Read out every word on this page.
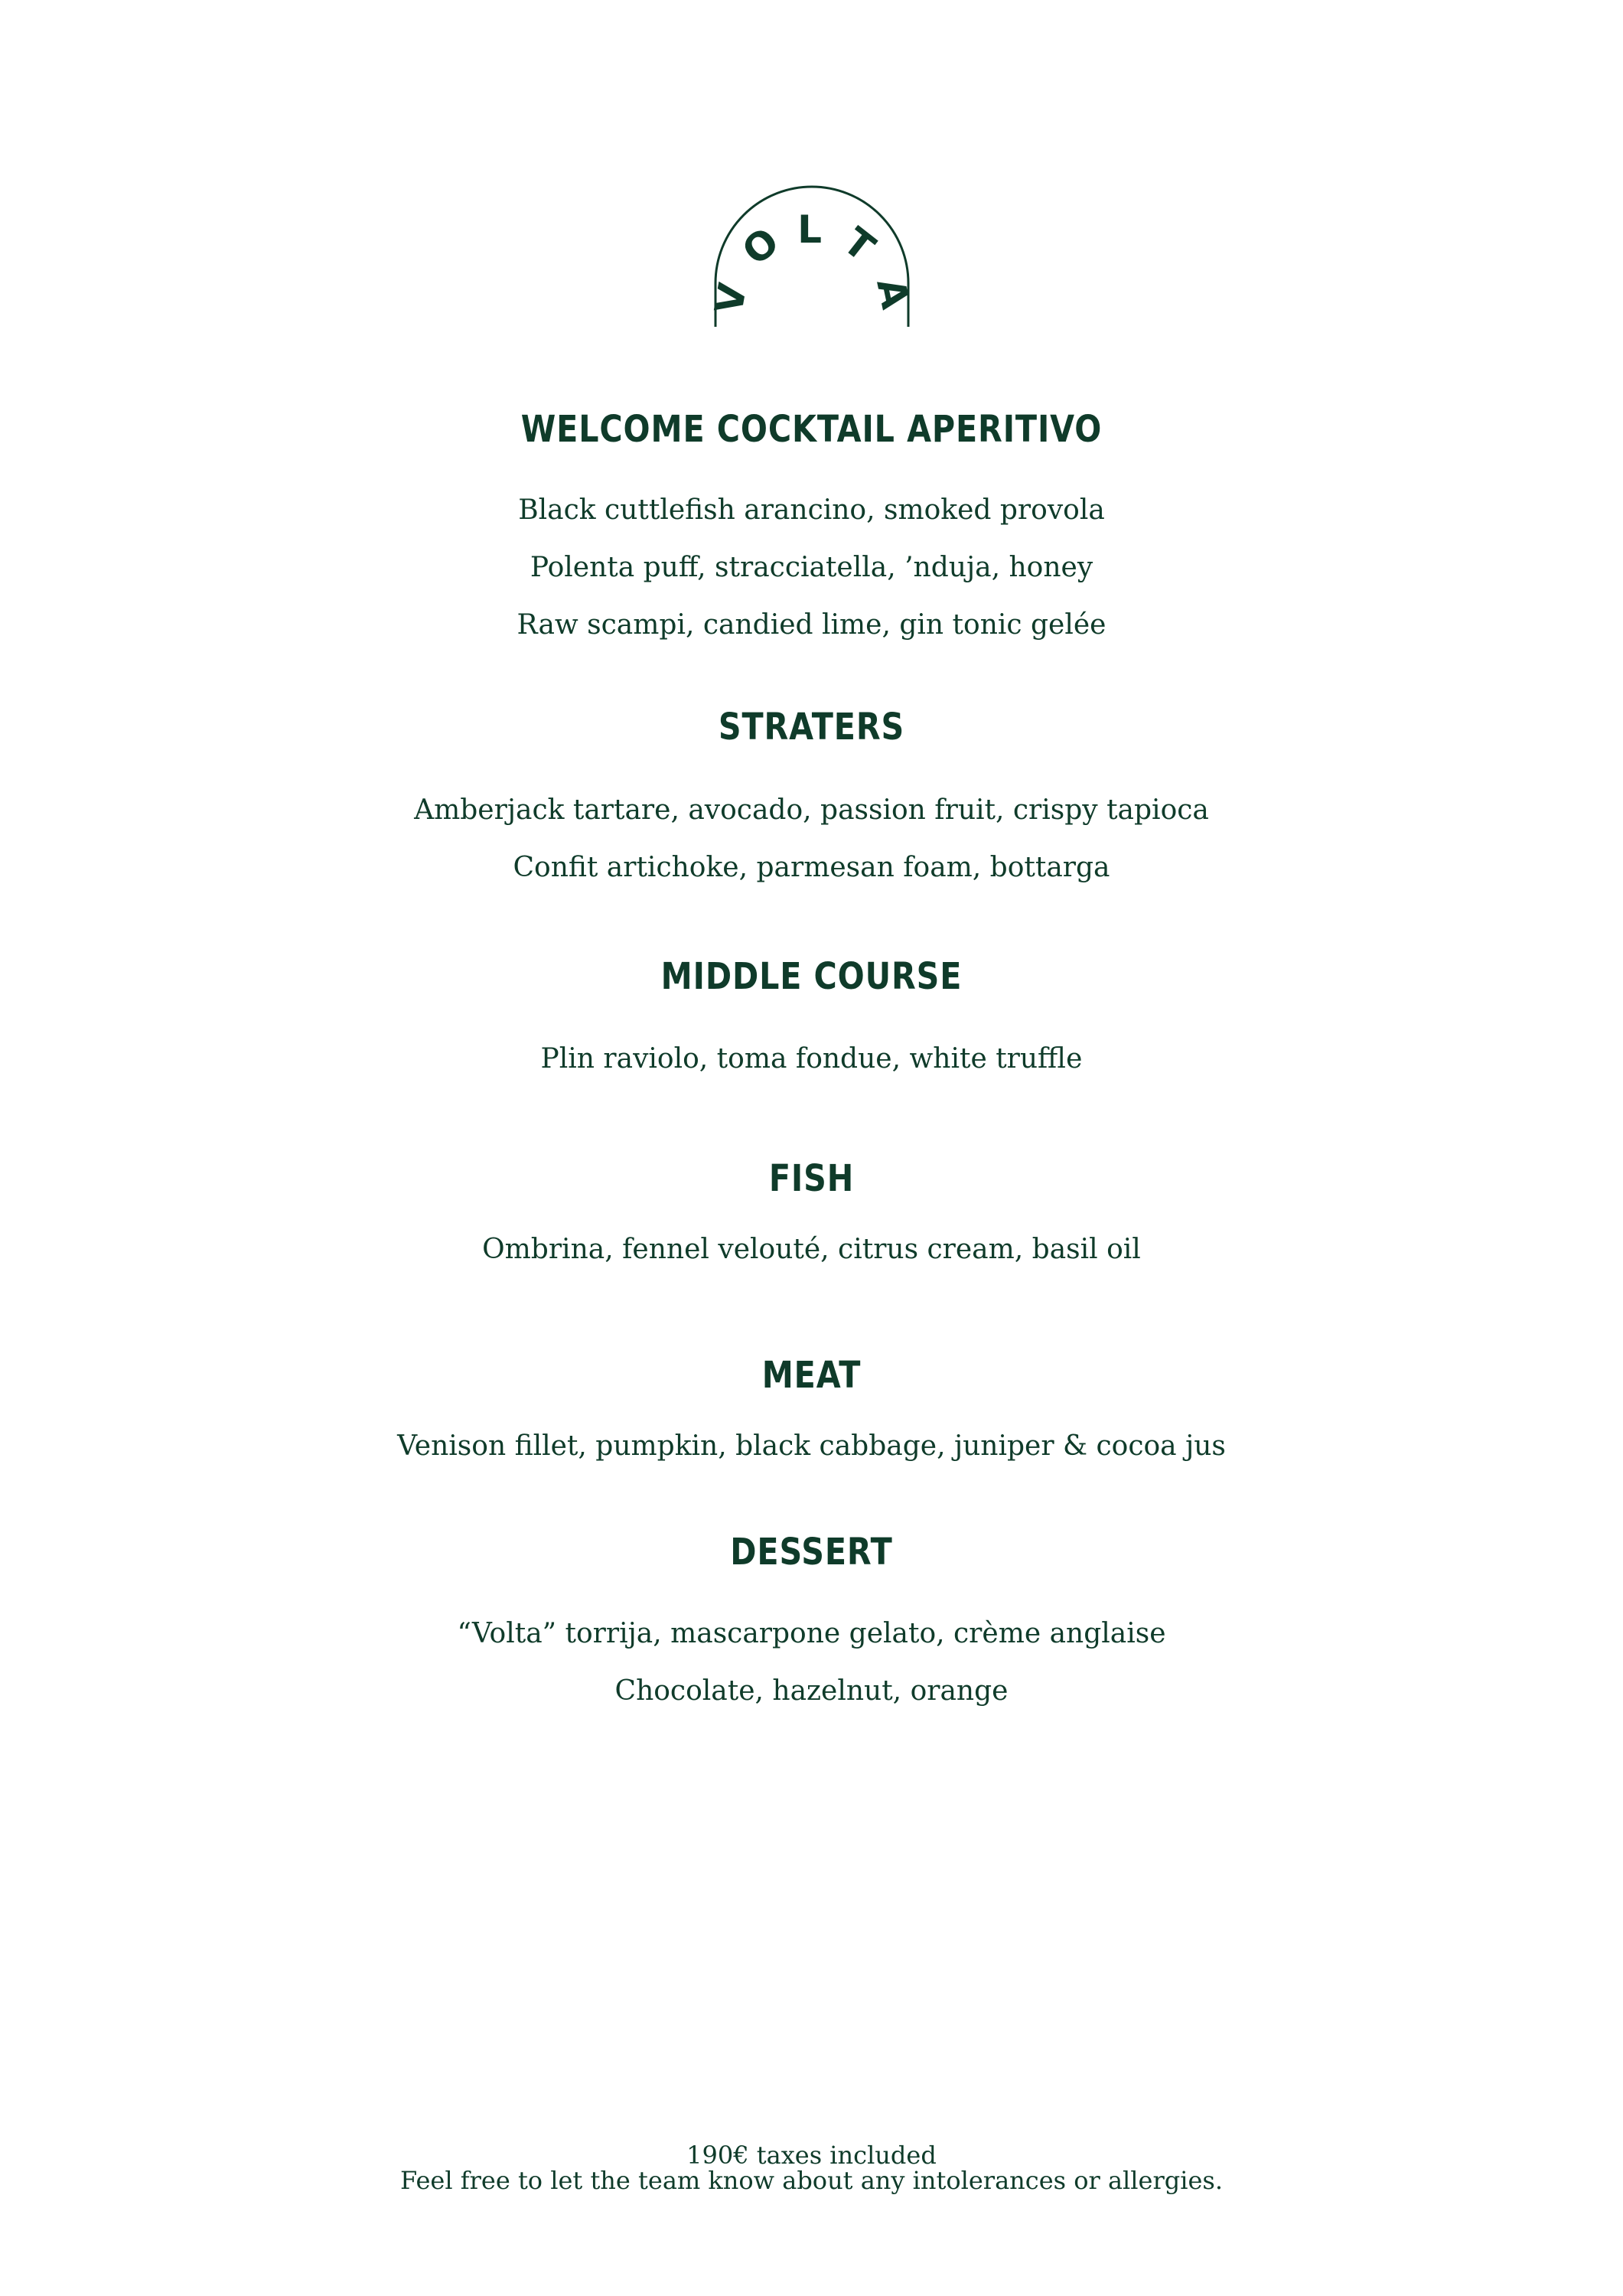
V
O L T
A
WELCOME COCKTAIL APERITIVO
Black cuttlefish arancino, smoked provola
Polenta puff, stracciatella, ’nduja, honey
Raw scampi, candied lime, gin tonic gelée
STRATERS
Amberjack tartare, avocado, passion fruit, crispy tapioca
Confit artichoke, parmesan foam, bottarga
MIDDLE COURSE
Plin raviolo, toma fondue, white truffle
FISH
Ombrina, fennel velouté, citrus cream, basil oil
MEAT
Venison fillet, pumpkin, black cabbage, juniper & cocoa jus
DESSERT
“Volta” torrija, mascarpone gelato, crème anglaise
Chocolate, hazelnut, orange
190€ taxes included
Feel free to let the team know about any intolerances or allergies.
